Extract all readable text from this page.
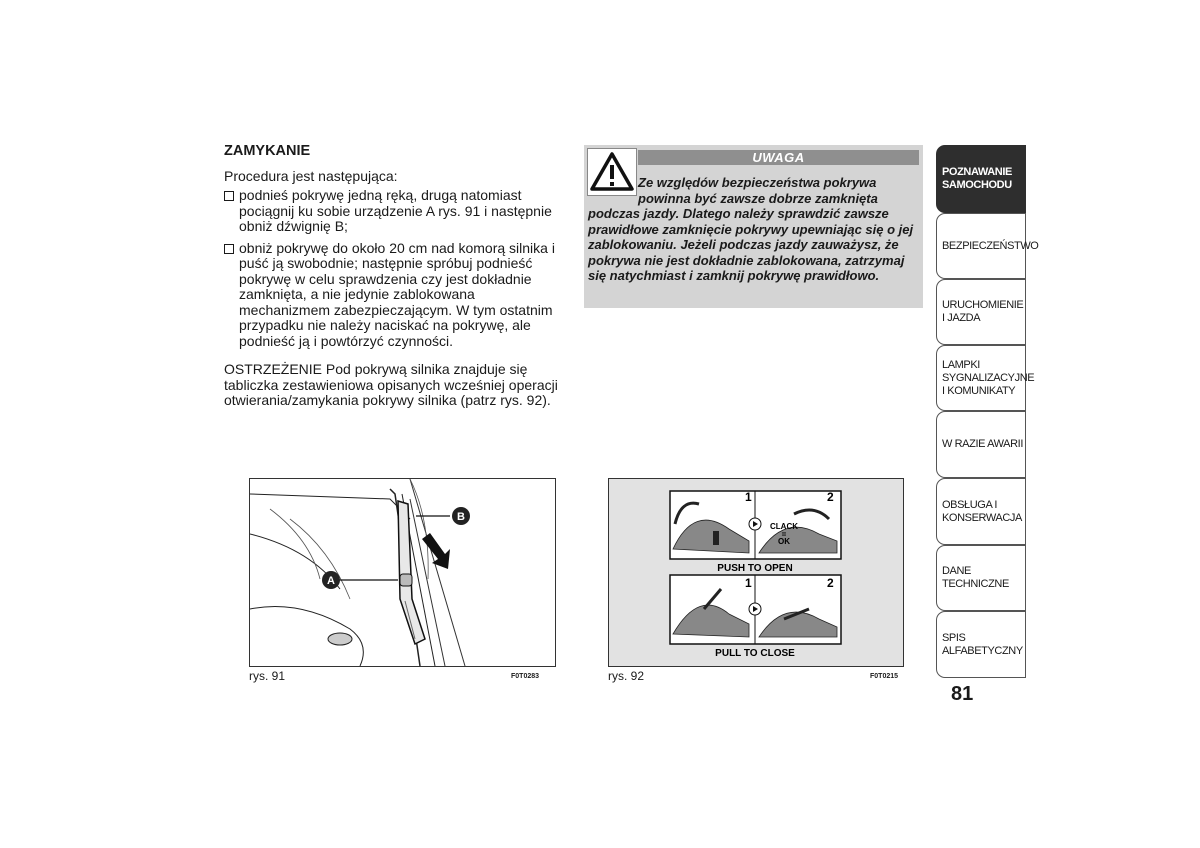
ZAMYKANIE
Procedura jest następująca:
podnieś pokrywę jedną ręką, drugą natomiast pociągnij ku sobie urządzenie A rys. 91 i następnie obniż dźwignię B;
obniż pokrywę do około 20 cm nad komorą silnika i puść ją swobodnie; następnie spróbuj podnieść pokrywę w celu sprawdzenia czy jest dokładnie zamknięta, a nie jedynie zablokowana mechanizmem zabezpieczającym. W tym ostatnim przypadku nie należy naciskać na pokrywę, ale podnieść ją i powtórzyć czynności.
OSTRZEŻENIE Pod pokrywą silnika znajduje się tabliczka zestawieniowa opisanych wcześniej operacji otwierania/zamykania pokrywy silnika (patrz rys. 92).
UWAGA
Ze względów bezpieczeństwa pokrywa
powinna być zawsze dobrze zamknięta
podczas jazdy. Dlatego należy sprawdzić zawsze prawidłowe zamknięcie pokrywy upewniając się o jej zablokowaniu. Jeżeli podczas jazdy zauważysz, że pokrywa nie jest dokładnie zablokowana, zatrzymaj się natychmiast i zamknij pokrywę prawidłowo.
B
A
rys. 91	F0T0283
1	2
CLACK
=
OK
PUSH TO OPEN
1	2
PULL TO CLOSE
rys. 92	F0T0215
POZNAWANIE SAMOCHODU
BEZPIECZEŃSTWO
URUCHOMIENIE I JAZDA
LAMPKI SYGNALIZACYJNE I KOMUNIKATY
W RAZIE AWARII
OBSŁUGA I KONSERWACJA
DANE TECHNICZNE
SPIS ALFABETYCZNY
81
